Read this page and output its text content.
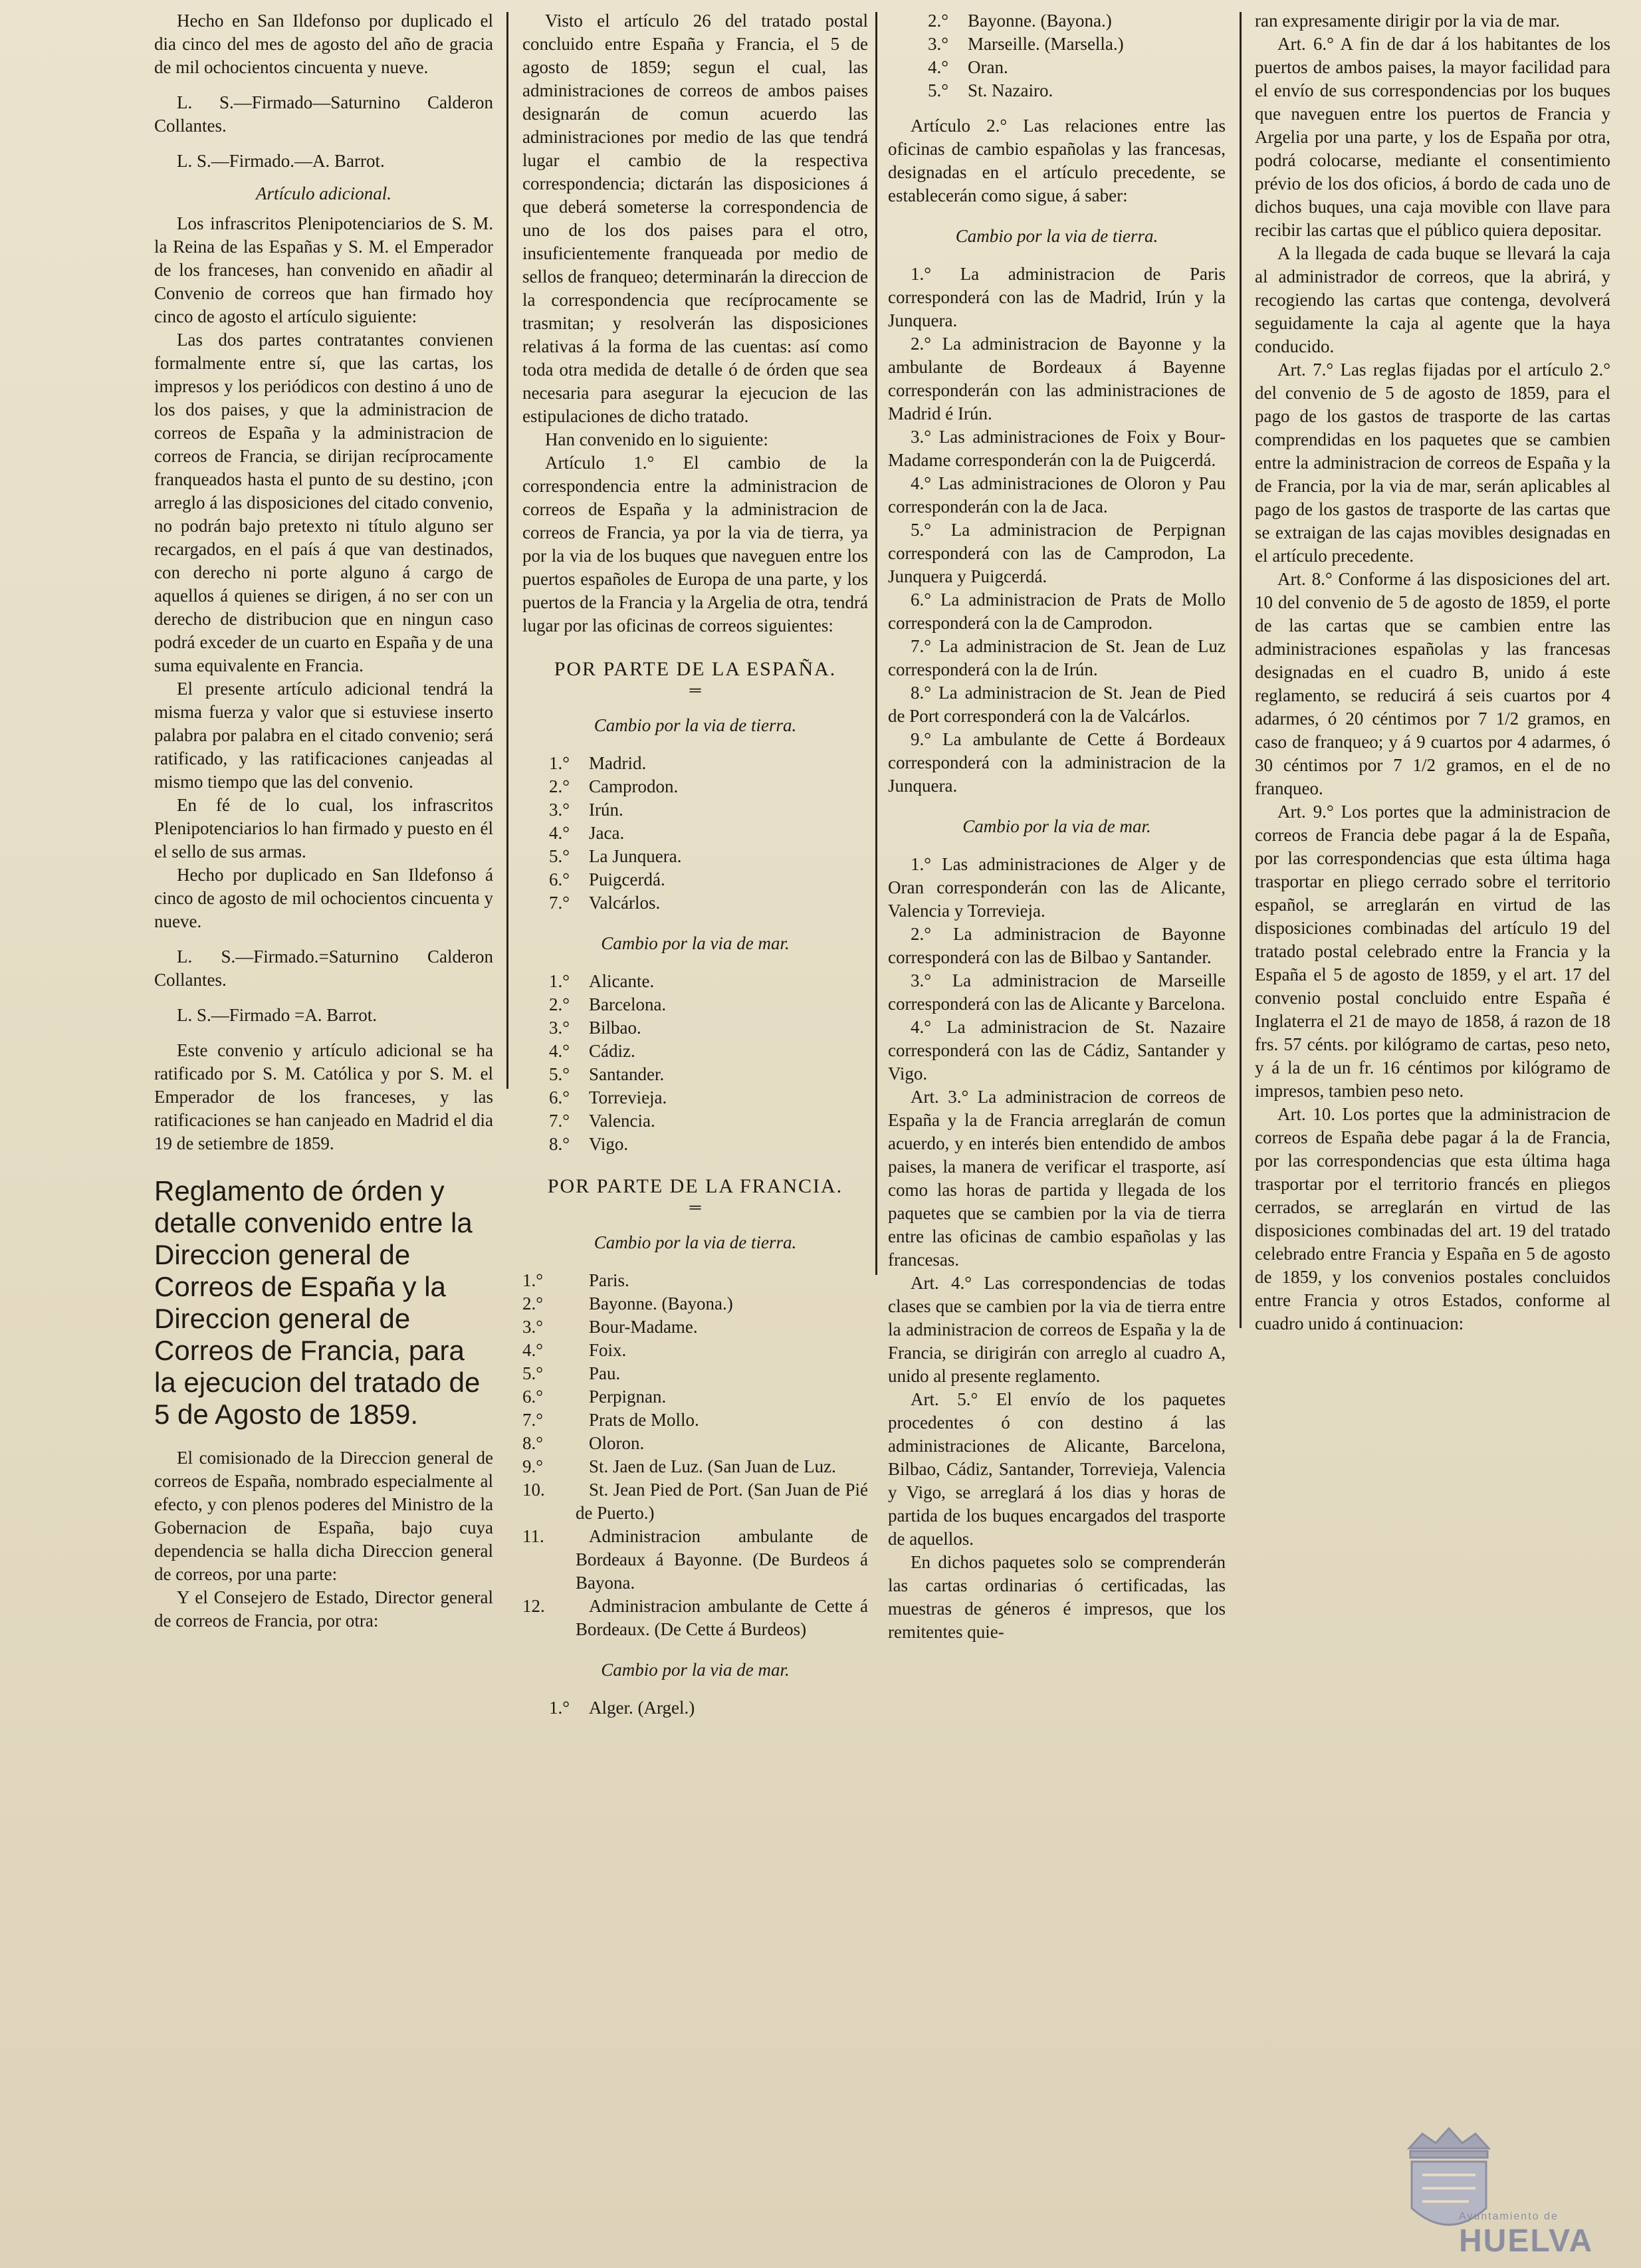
Hecho en San Ildefonso por duplicado el dia cinco del mes de agosto del año de gracia de mil ochocientos cincuenta y nueve.

L. S.—Firmado—Saturnino Calderon Collantes.

L. S.—Firmado.—A. Barrot.

Artículo adicional.

Los infrascritos Plenipotenciarios de S. M. la Reina de las Españas y S. M. el Emperador de los franceses, han convenido en añadir al Convenio de correos que han firmado hoy cinco de agosto el artículo siguiente:

Las dos partes contratantes convienen formalmente entre sí, que las cartas, los impresos y los periódicos con destino á uno de los dos paises, y que la administracion de correos de España y la administracion de correos de Francia, se dirijan recíprocamente franqueados hasta el punto de su destino, ¡con arreglo á las disposiciones del citado convenio, no podrán bajo pretexto ni título alguno ser recargados, en el país á que van destinados, con derecho ni porte alguno á cargo de aquellos á quienes se dirigen, á no ser con un derecho de distribucion que en ningun caso podrá exceder de un cuarto en España y de una suma equivalente en Francia.

El presente artículo adicional tendrá la misma fuerza y valor que si estuviese inserto palabra por palabra en el citado convenio; será ratificado, y las ratificaciones canjeadas al mismo tiempo que las del convenio.

En fé de lo cual, los infrascritos Plenipotenciarios lo han firmado y puesto en él el sello de sus armas.

Hecho por duplicado en San Ildefonso á cinco de agosto de mil ochocientos cincuenta y nueve.

L. S.—Firmado.=Saturnino Calderon Collantes.

L. S.—Firmado =A. Barrot.

Este convenio y artículo adicional se ha ratificado por S. M. Católica y por S. M. el Emperador de los franceses, y las ratificaciones se han canjeado en Madrid el dia 19 de setiembre de 1859.

Reglamento de órden y detalle convenido entre la Direccion general de Correos de España y la Direccion general de Correos de Francia, para la ejecucion del tratado de 5 de Agosto de 1859.

El comisionado de la Direccion general de correos de España, nombrado especialmente al efecto, y con plenos poderes del Ministro de la Gobernacion de España, bajo cuya dependencia se halla dicha Direccion general de correos, por una parte:

Y el Consejero de Estado, Director general de correos de Francia, por otra:

Visto el artículo 26 del tratado postal concluido entre España y Francia, el 5 de agosto de 1859; segun el cual, las administraciones de correos de ambos paises designarán de comun acuerdo las administraciones por medio de las que tendrá lugar el cambio de la respectiva correspondencia; dictarán las disposiciones á que deberá someterse la correspondencia de uno de los dos paises para el otro, insuficientemente franqueada por medio de sellos de franqueo; determinarán la direccion de la correspondencia que recíprocamente se trasmitan; y resolverán las disposiciones relativas á la forma de las cuentas: así como toda otra medida de detalle ó de órden que sea necesaria para asegurar la ejecucion de las estipulaciones de dicho tratado.

Han convenido en lo siguiente:

Artículo 1.° El cambio de la correspondencia entre la administracion de correos de España y la administracion de correos de Francia, ya por la via de tierra, ya por la via de los buques que naveguen entre los puertos españoles de Europa de una parte, y los puertos de la Francia y la Argelia de otra, tendrá lugar por las oficinas de correos siguientes:

POR PARTE DE LA ESPAÑA.

═

Cambio por la via de tierra.

1.° Madrid.
2.° Camprodon.
3.° Irún.
4.° Jaca.
5.° La Junquera.
6.° Puigcerdá.
7.° Valcárlos.

Cambio por la via de mar.

1.° Alicante.
2.° Barcelona.
3.° Bilbao.
4.° Cádiz.
5.° Santander.
6.° Torrevieja.
7.° Valencia.
8.° Vigo.

POR PARTE DE LA FRANCIA.

═

Cambio por la via de tierra.

1.°	Paris.
2.°	Bayonne. (Bayona.)
3.°	Bour-Madame.
4.°	Foix.
5.°	Pau.
6.°	Perpignan.
7.°	Prats de Mollo.
8.°	Oloron.
9.°	St. Jaen de Luz. (San Juan de Luz.
10. St. Jean Pied de Port. (San Juan de Pié de Puerto.)
11. Administracion ambulante de Bordeaux á Bayonne. (De Burdeos á Bayona.
12. Administracion ambulante de Cette á Bordeaux. (De Cette á Burdeos)

Cambio por la via de mar.

1.° Alger. (Argel.)
2.° Bayonne. (Bayona.)
3.° Marseille. (Marsella.)
4.° Oran.
5.° St. Nazairo.

Artículo 2.° Las relaciones entre las oficinas de cambio españolas y las francesas, designadas en el artículo precedente, se establecerán como sigue, á saber:

Cambio por la via de tierra.

1.° La administracion de Paris corresponderá con las de Madrid, Irún y la Junquera.

2.° La administracion de Bayonne y la ambulante de Bordeaux á Bayenne corresponderán con las administraciones de Madrid é Irún.

3.° Las administraciones de Foix y Bour-Madame corresponderán con la de Puigcerdá.

4.° Las administraciones de Oloron y Pau corresponderán con la de Jaca.

5.° La administracion de Perpignan corresponderá con las de Camprodon, La Junquera y Puigcerdá.

6.° La administracion de Prats de Mollo corresponderá con la de Camprodon.

7.° La administracion de St. Jean de Luz corresponderá con la de Irún.

8.° La administracion de St. Jean de Pied de Port corresponderá con la de Valcárlos.

9.° La ambulante de Cette á Bordeaux corresponderá con la administracion de la Junquera.

Cambio por la via de mar.

1.° Las administraciones de Alger y de Oran corresponderán con las de Alicante, Valencia y Torrevieja.

2.° La administracion de Bayonne corresponderá con las de Bilbao y Santander.

3.° La administracion de Marseille corresponderá con las de Alicante y Barcelona.

4.° La administracion de St. Nazaire corresponderá con las de Cádiz, Santander y Vigo.

Art. 3.° La administracion de correos de España y la de Francia arreglarán de comun acuerdo, y en interés bien entendido de ambos paises, la manera de verificar el trasporte, así como las horas de partida y llegada de los paquetes que se cambien por la via de tierra entre las oficinas de cambio españolas y las francesas.

Art. 4.° Las correspondencias de todas clases que se cambien por la via de tierra entre la administracion de correos de España y la de Francia, se dirigirán con arreglo al cuadro A, unido al presente reglamento.

Art. 5.° El envío de los paquetes procedentes ó con destino á las administraciones de Alicante, Barcelona, Bilbao, Cádiz, Santander, Torrevieja, Valencia y Vigo, se arreglará á los dias y horas de partida de los buques encargados del trasporte de aquellos.

En dichos paquetes solo se comprenderán las cartas ordinarias ó certificadas, las muestras de géneros é impresos, que los remitentes quie-

ran expresamente dirigir por la via de mar.

Art. 6.° A fin de dar á los habitantes de los puertos de ambos paises, la mayor facilidad para el envío de sus correspondencias por los buques que naveguen entre los puertos de Francia y Argelia por una parte, y los de España por otra, podrá colocarse, mediante el consentimiento prévio de los dos oficios, á bordo de cada uno de dichos buques, una caja movible con llave para recibir las cartas que el público quiera depositar.

A la llegada de cada buque se llevará la caja al administrador de correos, que la abrirá, y recogiendo las cartas que contenga, devolverá seguidamente la caja al agente que la haya conducido.

Art. 7.° Las reglas fijadas por el artículo 2.° del convenio de 5 de agosto de 1859, para el pago de los gastos de trasporte de las cartas comprendidas en los paquetes que se cambien entre la administracion de correos de España y la de Francia, por la via de mar, serán aplicables al pago de los gastos de trasporte de las cartas que se extraigan de las cajas movibles designadas en el artículo precedente.

Art. 8.° Conforme á las disposiciones del art. 10 del convenio de 5 de agosto de 1859, el porte de las cartas que se cambien entre las administraciones españolas y las francesas designadas en el cuadro B, unido á este reglamento, se reducirá á seis cuartos por 4 adarmes, ó 20 céntimos por 7 1/2 gramos, en caso de franqueo; y á 9 cuartos por 4 adarmes, ó 30 céntimos por 7 1/2 gramos, en el de no franqueo.

Art. 9.° Los portes que la administracion de correos de Francia debe pagar á la de España, por las correspondencias que esta última haga trasportar en pliego cerrado sobre el territorio español, se arreglarán en virtud de las disposiciones combinadas del artículo 19 del tratado postal celebrado entre la Francia y la España el 5 de agosto de 1859, y el art. 17 del convenio postal concluido entre España é Inglaterra el 21 de mayo de 1858, á razon de 18 frs. 57 cénts. por kilógramo de cartas, peso neto, y á la de un fr. 16 céntimos por kilógramo de impresos, tambien peso neto.

Art. 10. Los portes que la administracion de correos de España debe pagar á la de Francia, por las correspondencias que esta última haga trasportar por el territorio francés en pliegos cerrados, se arreglarán en virtud de las disposiciones combinadas del art. 19 del tratado celebrado entre Francia y España en 5 de agosto de 1859, y los convenios postales concluidos entre Francia y otros Estados, conforme al cuadro unido á continuacion:

Ayuntamiento de
HUELVA
